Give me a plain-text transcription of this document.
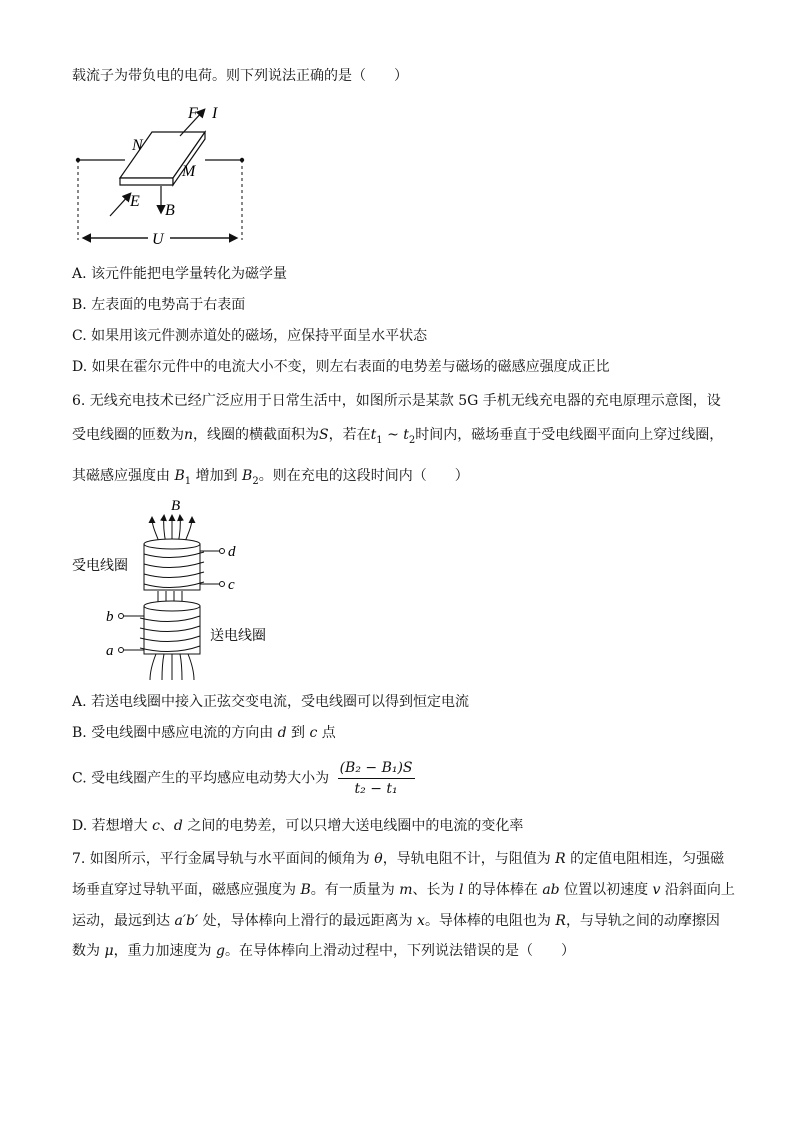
载流子为带负电的电荷。则下列说法正确的是（　　）
F I
N
M
E
B
U
A. 该元件能把电学量转化为磁学量
B. 左表面的电势高于右表面
C. 如果用该元件测赤道处的磁场，应保持平面呈水平状态
D. 如果在霍尔元件中的电流大小不变，则左右表面的电势差与磁场的磁感应强度成正比
6. 无线充电技术已经广泛应用于日常生活中，如图所示是某款 5G 手机无线充电器的充电原理示意图，设
受电线圈的匝数为n，线圈的横截面积为S，若在$t_1$ ~ $t_2$时间内，磁场垂直于受电线圈平面向上穿过线圈，
其磁感应强度由 $B_1$ 增加到 $B_2$。则在充电的这段时间内（　　）
B
d
c
受电线圈
b
a
送电线圈
A. 若送电线圈中接入正弦交变电流，受电线圈可以得到恒定电流
B. 受电线圈中感应电流的方向由 d 到 c 点
C. 受电线圈产生的平均感应电动势大小为 $\frac{\text{(B₂ − B₁)S}}{\text{t₂ − t₁}}$
D. 若想增大 c、d 之间的电势差，可以只增大送电线圈中的电流的变化率
7. 如图所示，平行金属导轨与水平面间的倾角为 θ，导轨电阻不计，与阻值为 R 的定值电阻相连，匀强磁
场垂直穿过导轨平面，磁感应强度为 B。有一质量为 m、长为 l 的导体棒在 ab 位置以初速度 v 沿斜面向上
运动，最远到达 a′b′ 处，导体棒向上滑行的最远距离为 x。导体棒的电阻也为 R，与导轨之间的动摩擦因
数为 μ，重力加速度为 g。在导体棒向上滑动过程中，下列说法错误的是（　　）
